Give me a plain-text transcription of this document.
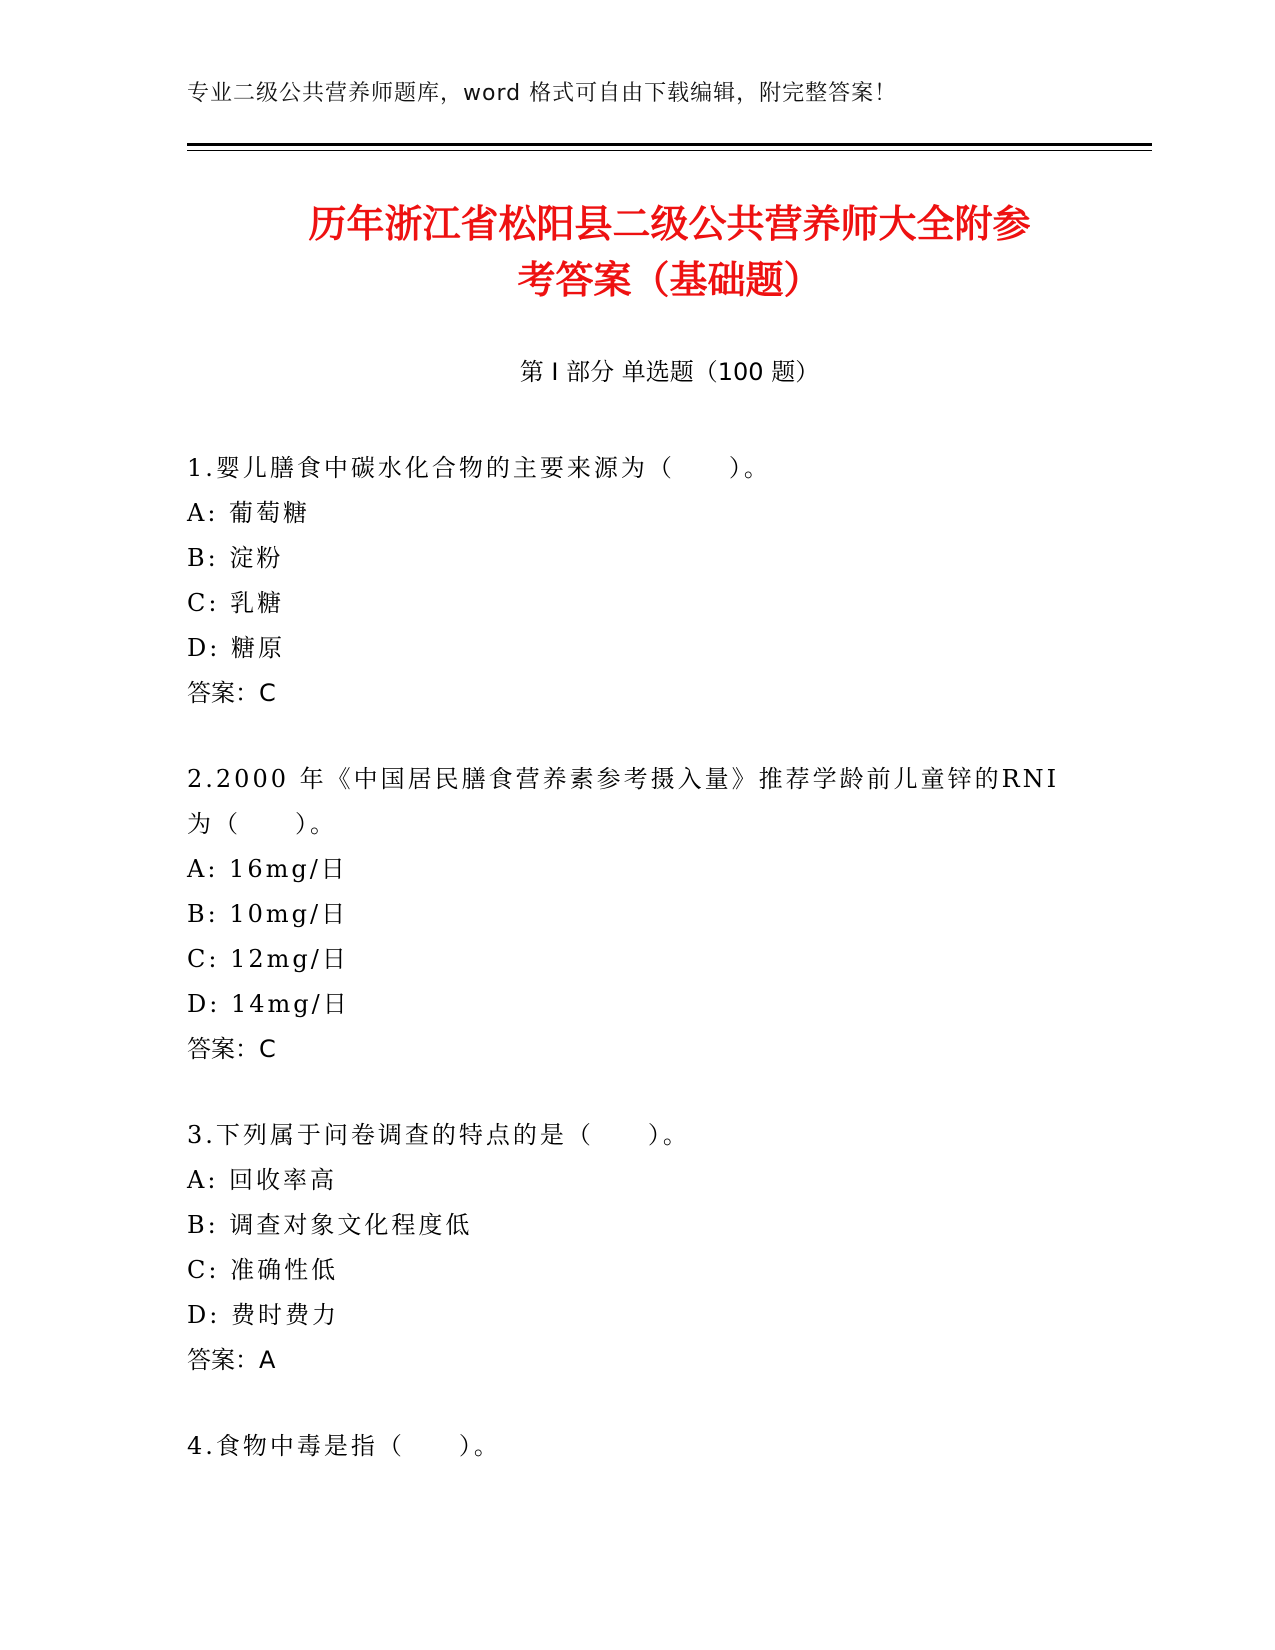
专业二级公共营养师题库，word 格式可自由下载编辑，附完整答案！
历年浙江省松阳县二级公共营养师大全附参
考答案（基础题）
第 I 部分 单选题（100 题）
1.婴儿膳食中碳水化合物的主要来源为（　　）。
A: 葡萄糖
B: 淀粉
C: 乳糖
D: 糖原
答案：C
2.2000 年《中国居民膳食营养素参考摄入量》推荐学龄前儿童锌的RNI 为（　　）。
A: 16mg/日
B: 10mg/日
C: 12mg/日
D: 14mg/日
答案：C
3.下列属于问卷调查的特点的是（　　）。
A: 回收率高
B: 调查对象文化程度低
C: 准确性低
D: 费时费力
答案：A
4.食物中毒是指（　　）。
